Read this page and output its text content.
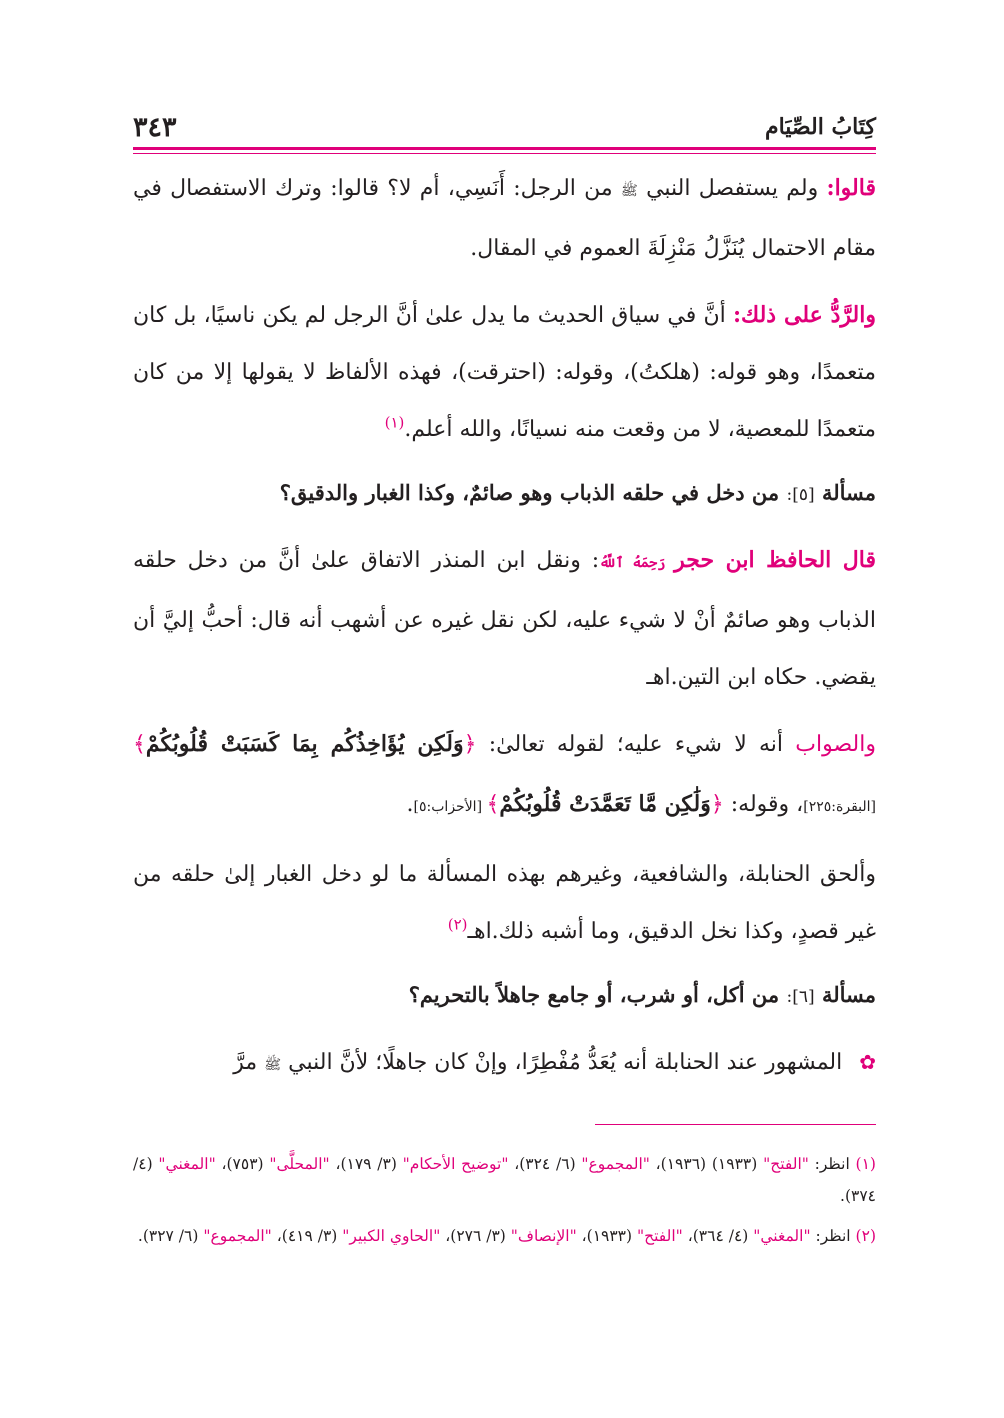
٣٤٣	كِتَابُ الصِّيَام

قالوا: ولم يستفصل النبي ﷺ من الرجل: أَنَسِي، أم لا؟ قالوا: وترك الاستفصال في مقام الاحتمال يُنَزَّلُ مَنْزِلَةَ العموم في المقال.

والرَّدُّ على ذلك: أنَّ في سياق الحديث ما يدل علىٰ أنَّ الرجل لم يكن ناسيًا، بل كان متعمدًا، وهو قوله: (هلكتُ)، وقوله: (احترقت)، فهذه الألفاظ لا يقولها إلا من كان متعمدًا للمعصية، لا من وقعت منه نسيانًا، والله أعلم.$^{(١)}$

مسألة [٥]: من دخل في حلقه الذباب وهو صائمٌ، وكذا الغبار والدقيق؟

قال الحافظ ابن حجر رَحِمَهُ ٱللَّهُ: ونقل ابن المنذر الاتفاق علىٰ أنَّ من دخل حلقه الذباب وهو صائمٌ أنْ لا شيء عليه، لكن نقل غيره عن أشهب أنه قال: أحبُّ إليَّ أن يقضي. حكاه ابن التين.اهـ

والصواب أنه لا شيء عليه؛ لقوله تعالىٰ: ﴿وَلَكِن يُؤَاخِذُكُم بِمَا كَسَبَتْ قُلُوبُكُمْ﴾ [البقرة:٢٢٥]، وقوله: ﴿وَلَٰكِن مَّا تَعَمَّدَتْ قُلُوبُكُمْ﴾ [الأحزاب:٥].

وألحق الحنابلة، والشافعية، وغيرهم بهذه المسألة ما لو دخل الغبار إلىٰ حلقه من غير قصدٍ، وكذا نخل الدقيق، وما أشبه ذلك.اهـ$^{(٢)}$

مسألة [٦]: من أكل، أو شرب، أو جامع جاهلاً بالتحريم؟

✿ المشهور عند الحنابلة أنه يُعَدُّ مُفْطِرًا، وإنْ كان جاهلًا؛ لأنَّ النبي ﷺ مرَّ

(١) انظر: "الفتح" (١٩٣٣) (١٩٣٦)، "المجموع" (٦/ ٣٢٤)، "توضيح الأحكام" (٣/ ١٧٩)، "المحلَّى" (٧٥٣)، "المغني" (٤/ ٣٧٤).

(٢) انظر: "المغني" (٤/ ٣٦٤)، "الفتح" (١٩٣٣)، "الإنصاف" (٣/ ٢٧٦)، "الحاوي الكبير" (٣/ ٤١٩)، "المجموع" (٦/ ٣٢٧).
